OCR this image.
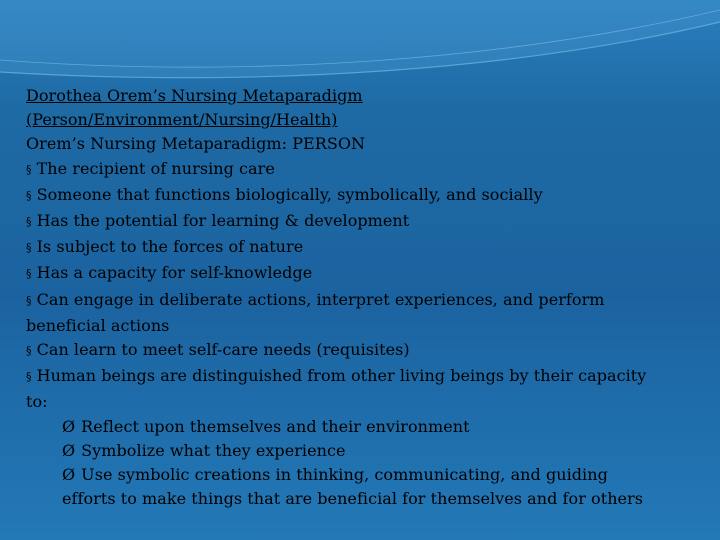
Dorothea Orem’s Nursing Metaparadigm
(Person/Environment/Nursing/Health)
Orem’s Nursing Metaparadigm: PERSON
§ The recipient of nursing care
§ Someone that functions biologically, symbolically, and socially
§ Has the potential for learning & development
§ Is subject to the forces of nature
§ Has a capacity for self-knowledge
§ Can engage in deliberate actions, interpret experiences, and perform
beneficial actions
§ Can learn to meet self-care needs (requisites)
§ Human beings are distinguished from other living beings by their capacity
to:
Ø Reflect upon themselves and their environment
Ø Symbolize what they experience
Ø Use symbolic creations in thinking, communicating, and guiding
efforts to make things that are beneficial for themselves and for others
